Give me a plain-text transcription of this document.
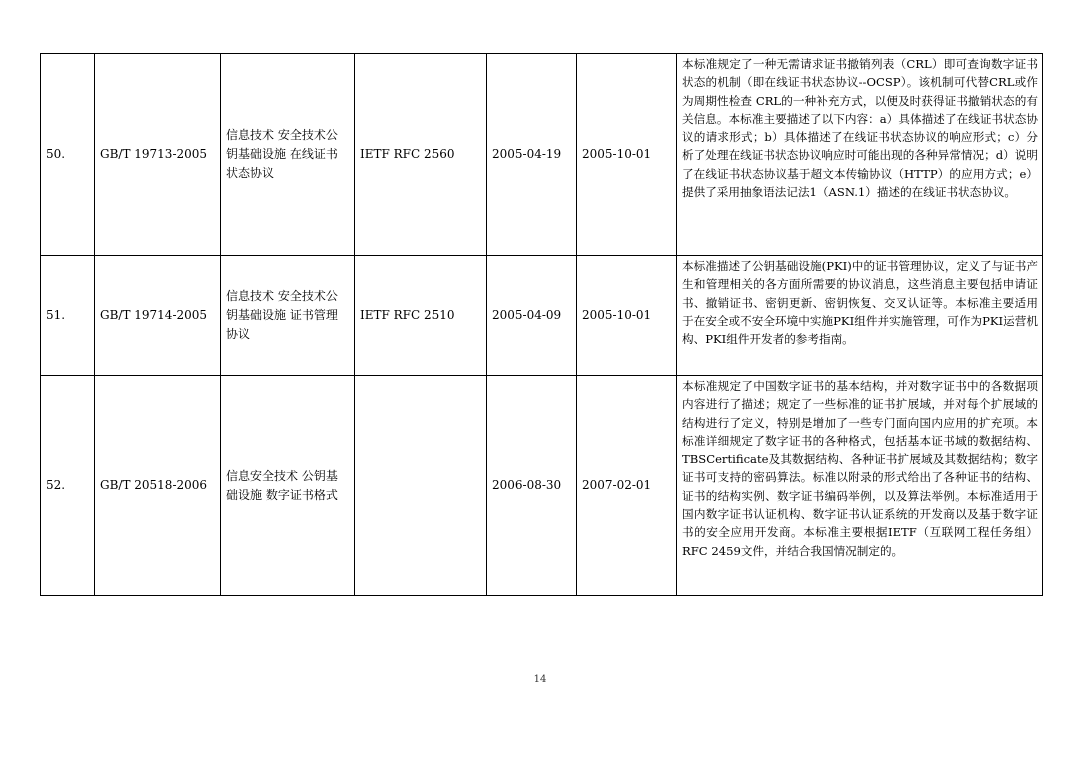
50.	GB/T 19713-2005	信息技术 安全技术公钥基础设施 在线证书状态协议	IETF RFC 2560	2005-04-19	2005-10-01	本标准规定了一种无需请求证书撤销列表（CRL）即可查询数字证书状态的机制（即在线证书状态协议--OCSP）。该机制可代替CRL或作为周期性检查 CRL的一种补充方式，以便及时获得证书撤销状态的有关信息。本标准主要描述了以下内容：a）具体描述了在线证书状态协议的请求形式；b）具体描述了在线证书状态协议的响应形式；c）分析了处理在线证书状态协议响应时可能出现的各种异常情况；d）说明了在线证书状态协议基于超文本传输协议（HTTP）的应用方式；e）提供了采用抽象语法记法1（ASN.1）描述的在线证书状态协议。
51.	GB/T 19714-2005	信息技术 安全技术公钥基础设施 证书管理协议	IETF RFC 2510	2005-04-09	2005-10-01	本标准描述了公钥基础设施(PKI)中的证书管理协议，定义了与证书产生和管理相关的各方面所需要的协议消息，这些消息主要包括申请证书、撤销证书、密钥更新、密钥恢复、交叉认证等。本标准主要适用于在安全或不安全环境中实施PKI组件并实施管理，可作为PKI运营机构、PKI组件开发者的参考指南。
52.	GB/T 20518-2006	信息安全技术 公钥基础设施 数字证书格式		2006-08-30	2007-02-01	本标准规定了中国数字证书的基本结构，并对数字证书中的各数据项内容进行了描述；规定了一些标准的证书扩展域，并对每个扩展域的结构进行了定义，特别是增加了一些专门面向国内应用的扩充项。本标准详细规定了数字证书的各种格式，包括基本证书域的数据结构、TBSCertificate及其数据结构、各种证书扩展域及其数据结构；数字证书可支持的密码算法。标准以附录的形式给出了各种证书的结构、证书的结构实例、数字证书编码举例，以及算法举例。本标准适用于国内数字证书认证机构、数字证书认证系统的开发商以及基于数字证书的安全应用开发商。本标准主要根据IETF（互联网工程任务组）RFC 2459文件，并结合我国情况制定的。
14
